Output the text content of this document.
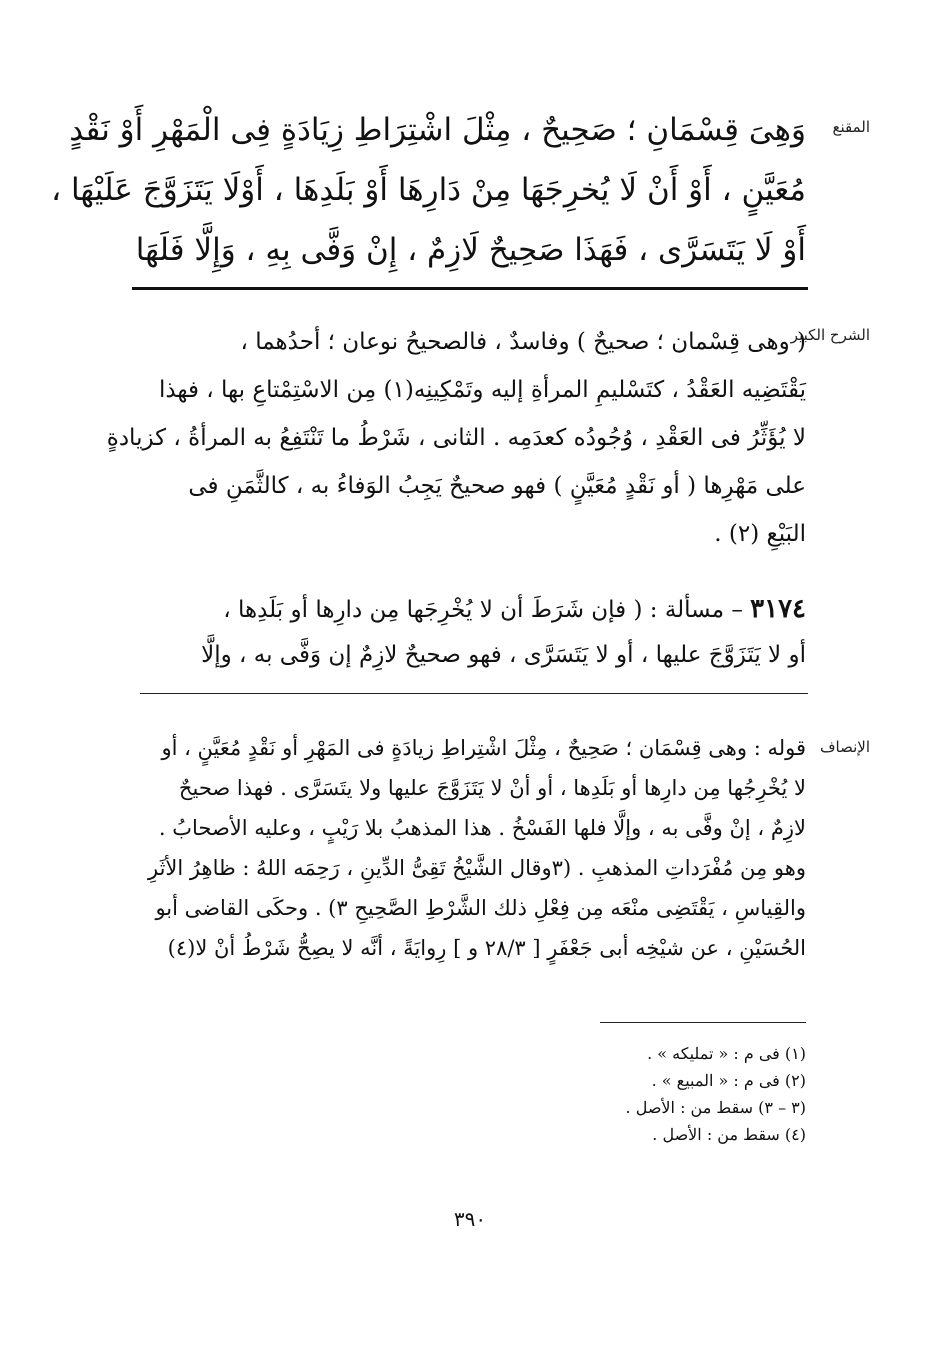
المقنع
وَهِىَ قِسْمَانِ ؛ صَحِيحٌ ، مِثْلَ اشْتِرَاطِ زِيَادَةٍ فِى الْمَهْرِ أَوْ نَقْدٍ
مُعَيَّنٍ ، أَوْ أَنْ لَا يُخرِجَهَا مِنْ دَارِهَا أَوْ بَلَدِهَا ، أَوْلَا يَتَزَوَّجَ عَلَيْهَا ،
أَوْ لَا يَتَسَرَّى ، فَهَذَا صَحِيحٌ لَازِمٌ ، إِنْ وَفَّى بِهِ ، وَإِلَّا فَلَهَا
الشرح الكبير
( وهى قِسْمان ؛ صحيحٌ ) وفاسدٌ ، فالصحيحُ نوعان ؛ أحدُهما ،
يَقْتَضِيه العَقْدُ ، كتَسْليمِ المرأةِ إليه وتَمْكِينِه(١) مِن الاسْتِمْتاعِ بها ، فهذا
لا يُؤَثِّرُ فى العَقْدِ ، وُجُودُه كعدَمِه . الثانى ، شَرْطُ ما تَنْتَفِعُ به المرأةُ ، كزيادةٍ
على مَهْرِها ( أو نَقْدٍ مُعَيَّنٍ ) فهو صحيحٌ يَجِبُ الوَفاءُ به ، كالثَّمَنِ فى
البَيْعِ (٢) .
٣١٧٤ – مسألة : ( فإن شَرَطَ أن لا يُخْرِجَها مِن دارِها أو بَلَدِها ،
أو لا يَتَزَوَّجَ عليها ، أو لا يَتَسَرَّى ، فهو صحيحٌ لازِمٌ إن وَفَّى به ، وإلَّا
الإنصاف
قوله : وهى قِسْمَان ؛ صَحِيحٌ ، مِثْلَ اشْتِراطِ زيادَةٍ فى المَهْرِ أو نَقْدٍ مُعَيَّنٍ ، أو
لا يُخْرِجُها مِن دارِها أو بَلَدِها ، أو أنْ لا يَتَزَوَّجَ عليها ولا يتَسَرَّى . فهذا صحيحٌ
لازِمٌ ، إنْ وفَّى به ، وإلَّا فلها الفَسْخُ . هذا المذهبُ بلا رَيْبٍ ، وعليه الأصحابُ .
وهو مِن مُفْرَداتِ المذهبِ . (٣وقال الشَّيْخُ تَقِىُّ الدِّينِ ، رَحِمَه اللهُ : ظاهِرُ الأثَرِ
والقِياسِ ، يَقْتَضِى منْعَه مِن فِعْلِ ذلك الشَّرْطِ الصَّحِيحِ ٣) . وحكَى القاضى أبو
الحُسَيْنِ ، عن شيْخِه أبى جَعْفَرٍ [ ٢٨/٣ و ] رِوايَةً ، أنَّه لا يصِحُّ شَرْطُ أنْ لا(٤)
(١) فى م : « تمليكه » .
(٢) فى م : « المبيع » .
(٣ – ٣) سقط من : الأصل .
(٤) سقط من : الأصل .
٣٩٠
